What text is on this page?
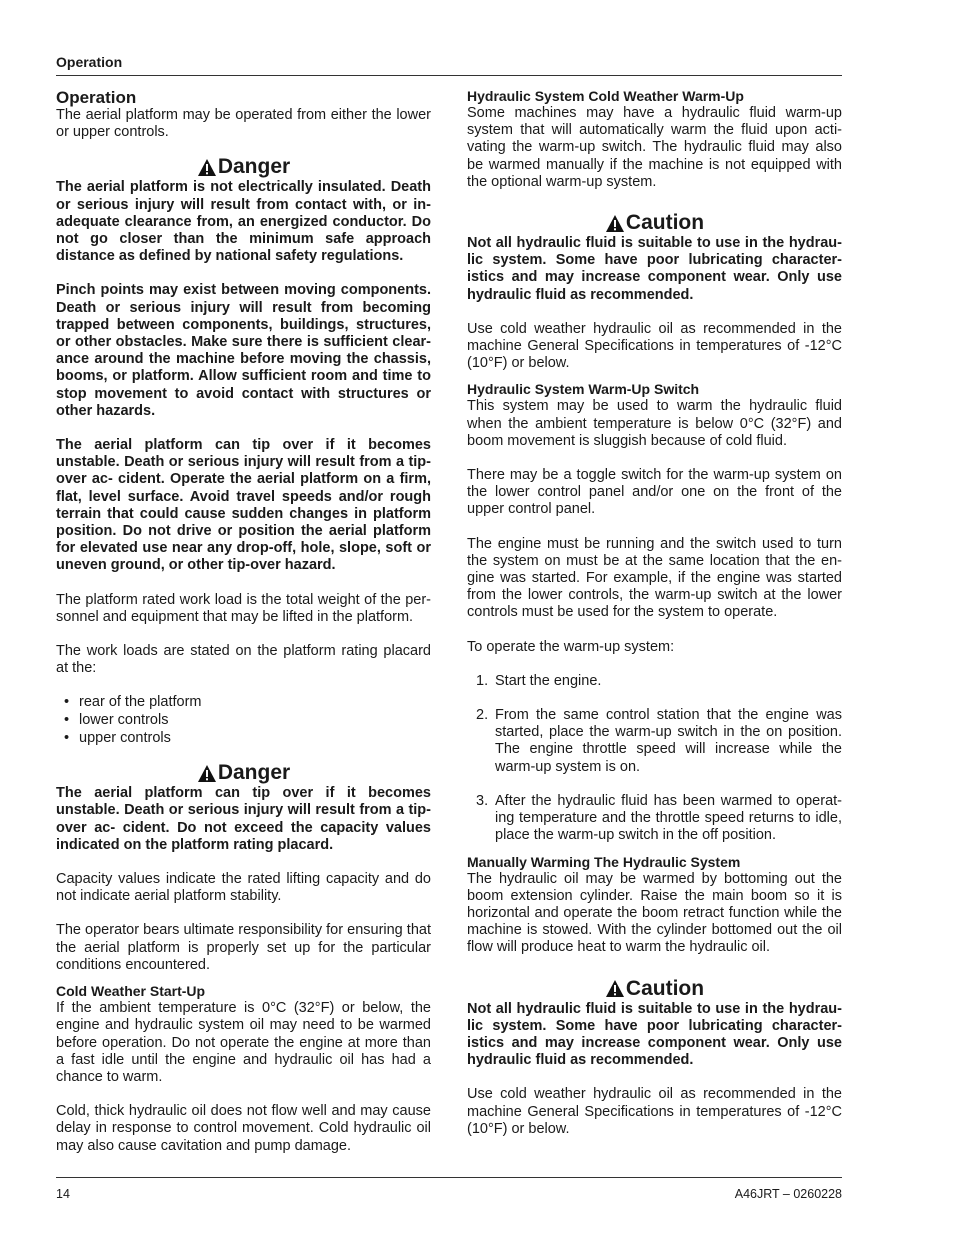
Operation
Operation

The aerial platform may be operated from either the lower or upper controls.

Danger

The aerial platform is not electrically insulated. Death or serious injury will result from contact with, or in- adequate clearance from, an energized conductor. Do not go closer than the minimum safe approach distance as defined by national safety regulations.

Pinch points may exist between moving components. Death or serious injury will result from becoming trapped between components, buildings, structures, or other obstacles. Make sure there is sufficient clear- ance around the machine before moving the chassis, booms, or platform. Allow sufficient room and time to stop movement to avoid contact with structures or other hazards.

The aerial platform can tip over if it becomes unstable. Death or serious injury will result from a tip-over ac- cident. Operate the aerial platform on a firm, flat, level surface. Avoid travel speeds and/or rough terrain that could cause sudden changes in platform position. Do not drive or position the aerial platform for elevated use near any drop-off, hole, slope, soft or uneven ground, or other tip-over hazard.

The platform rated work load is the total weight of the per- sonnel and equipment that may be lifted in the platform.

The work loads are stated on the platform rating placard at the:

• rear of the platform
• lower controls
• upper controls
Danger

The aerial platform can tip over if it becomes unstable. Death or serious injury will result from a tip-over ac- cident. Do not exceed the capacity values indicated on the platform rating placard.

Capacity values indicate the rated lifting capacity and do not indicate aerial platform stability.

The operator bears ultimate responsibility for ensuring that the aerial platform is properly set up for the particular conditions encountered.

Cold Weather Start-Up

If the ambient temperature is 0°C (32°F) or below, the engine and hydraulic system oil may need to be warmed before operation. Do not operate the engine at more than a fast idle until the engine and hydraulic oil has had a chance to warm.

Cold, thick hydraulic oil does not flow well and may cause delay in response to control movement. Cold hydraulic oil may also cause cavitation and pump damage.

Hydraulic System Cold Weather Warm-Up

Some machines may have a hydraulic fluid warm-up system that will automatically warm the fluid upon acti- vating the warm-up switch. The hydraulic fluid may also be warmed manually if the machine is not equipped with the optional warm-up system.

Caution

Not all hydraulic fluid is suitable to use in the hydrau- lic system. Some have poor lubricating character- istics and may increase component wear. Only use hydraulic fluid as recommended.

Use cold weather hydraulic oil as recommended in the machine General Specifications in temperatures of -12°C (10°F) or below.

Hydraulic System Warm-Up Switch

This system may be used to warm the hydraulic fluid when the ambient temperature is below 0°C (32°F) and boom movement is sluggish because of cold fluid.

There may be a toggle switch for the warm-up system on the lower control panel and/or one on the front of the upper control panel.

The engine must be running and the switch used to turn the system on must be at the same location that the en- gine was started. For example, if the engine was started from the lower controls, the warm-up switch at the lower controls must be used for the system to operate.

To operate the warm-up system:

1. Start the engine.
2. From the same control station that the engine was started, place the warm-up switch in the on position. The engine throttle speed will increase while the warm-up system is on.
3. After the hydraulic fluid has been warmed to operat- ing temperature and the throttle speed returns to idle, place the warm-up switch in the off position.
Manually Warming The Hydraulic System

The hydraulic oil may be warmed by bottoming out the boom extension cylinder. Raise the main boom so it is horizontal and operate the boom retract function while the machine is stowed. With the cylinder bottomed out the oil flow will produce heat to warm the hydraulic oil.

Caution

Not all hydraulic fluid is suitable to use in the hydrau- lic system. Some have poor lubricating character- istics and may increase component wear. Only use hydraulic fluid as recommended.

Use cold weather hydraulic oil as recommended in the machine General Specifications in temperatures of -12°C (10°F) or below.

14	A46JRT – 0260228
